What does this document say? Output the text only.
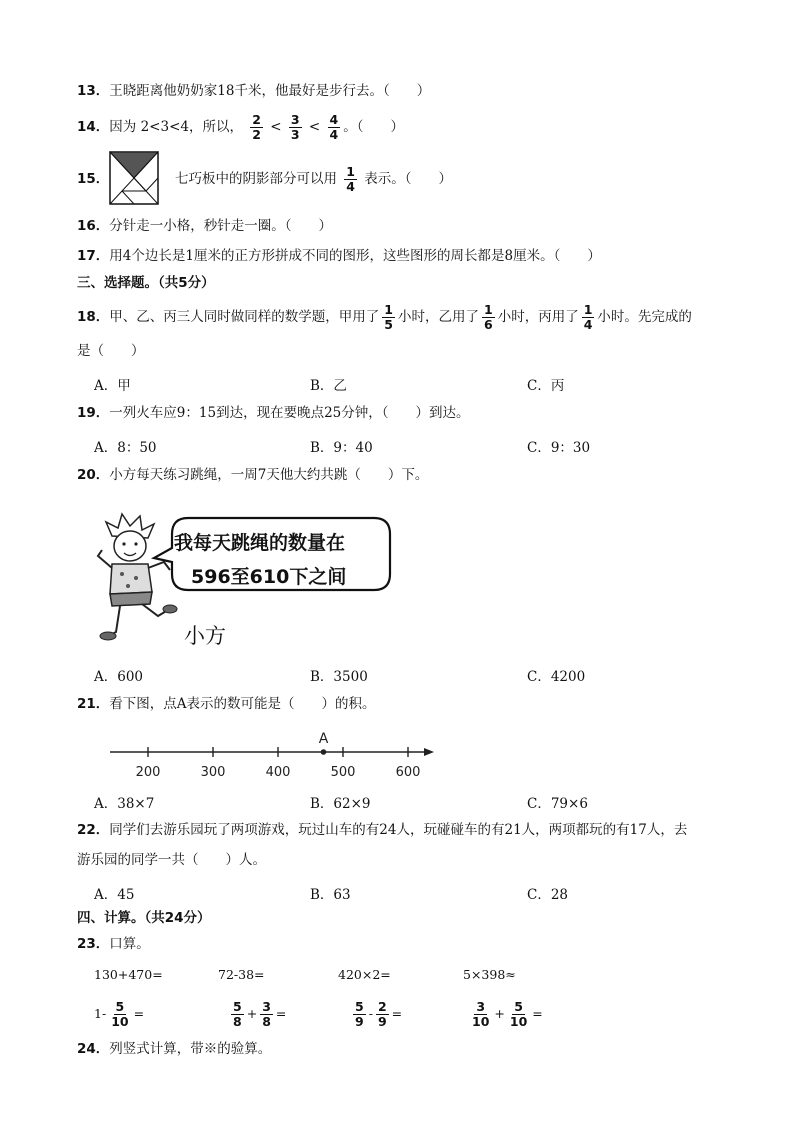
13．王晓距离他奶奶家18千米，他最好是步行去。（　　）
14．因为 2<3<4，所以， $\frac{2}{2} < \frac{3}{3} < \frac{4}{4}$ 。（　　）
15．	七巧板中的阴影部分可以用 $\frac{1}{4}$ 表示。（　　）
16．分针走一小格，秒针走一圈。（　　）
17．用4个边长是1厘米的正方形拼成不同的图形，这些图形的周长都是8厘米。（　　）
三、选择题。（共5分）
18．甲、乙、丙三人同时做同样的数学题，甲用了 $\frac{1}{5}$ 小时，乙用了 $\frac{1}{6}$ 小时，丙用了 $\frac{1}{4}$ 小时。先完成的
是（　　）
A．甲	B．乙	C．丙
19．一列火车应9：15到达，现在要晚点25分钟，（　　）到达。
A．8：50	B．9：40	C．9：30
20．小方每天练习跳绳，一周7天他大约共跳（　　）下。
我每天跳绳的数量在
596至610下之间
小方
A．600	B．3500	C．4200
21．看下图，点A表示的数可能是（　　）的积。
200	300	400	500	600
A
A．38×7	B．62×9	C．79×6
22．同学们去游乐园玩了两项游戏，玩过山车的有24人，玩碰碰车的有21人，两项都玩的有17人，去
游乐园的同学一共（　　）人。
A．45	B．63	C．28
四、计算。（共24分）
23．口算。
130+470=	72-38=	420×2=	5×398≈
$1- \frac{5}{10}$ =	$\frac{5}{8} + \frac{3}{8}$ =	$\frac{5}{9} - \frac{2}{9}$ =	$\frac{3}{10} + \frac{5}{10}$ =
24．列竖式计算，带※的验算。
